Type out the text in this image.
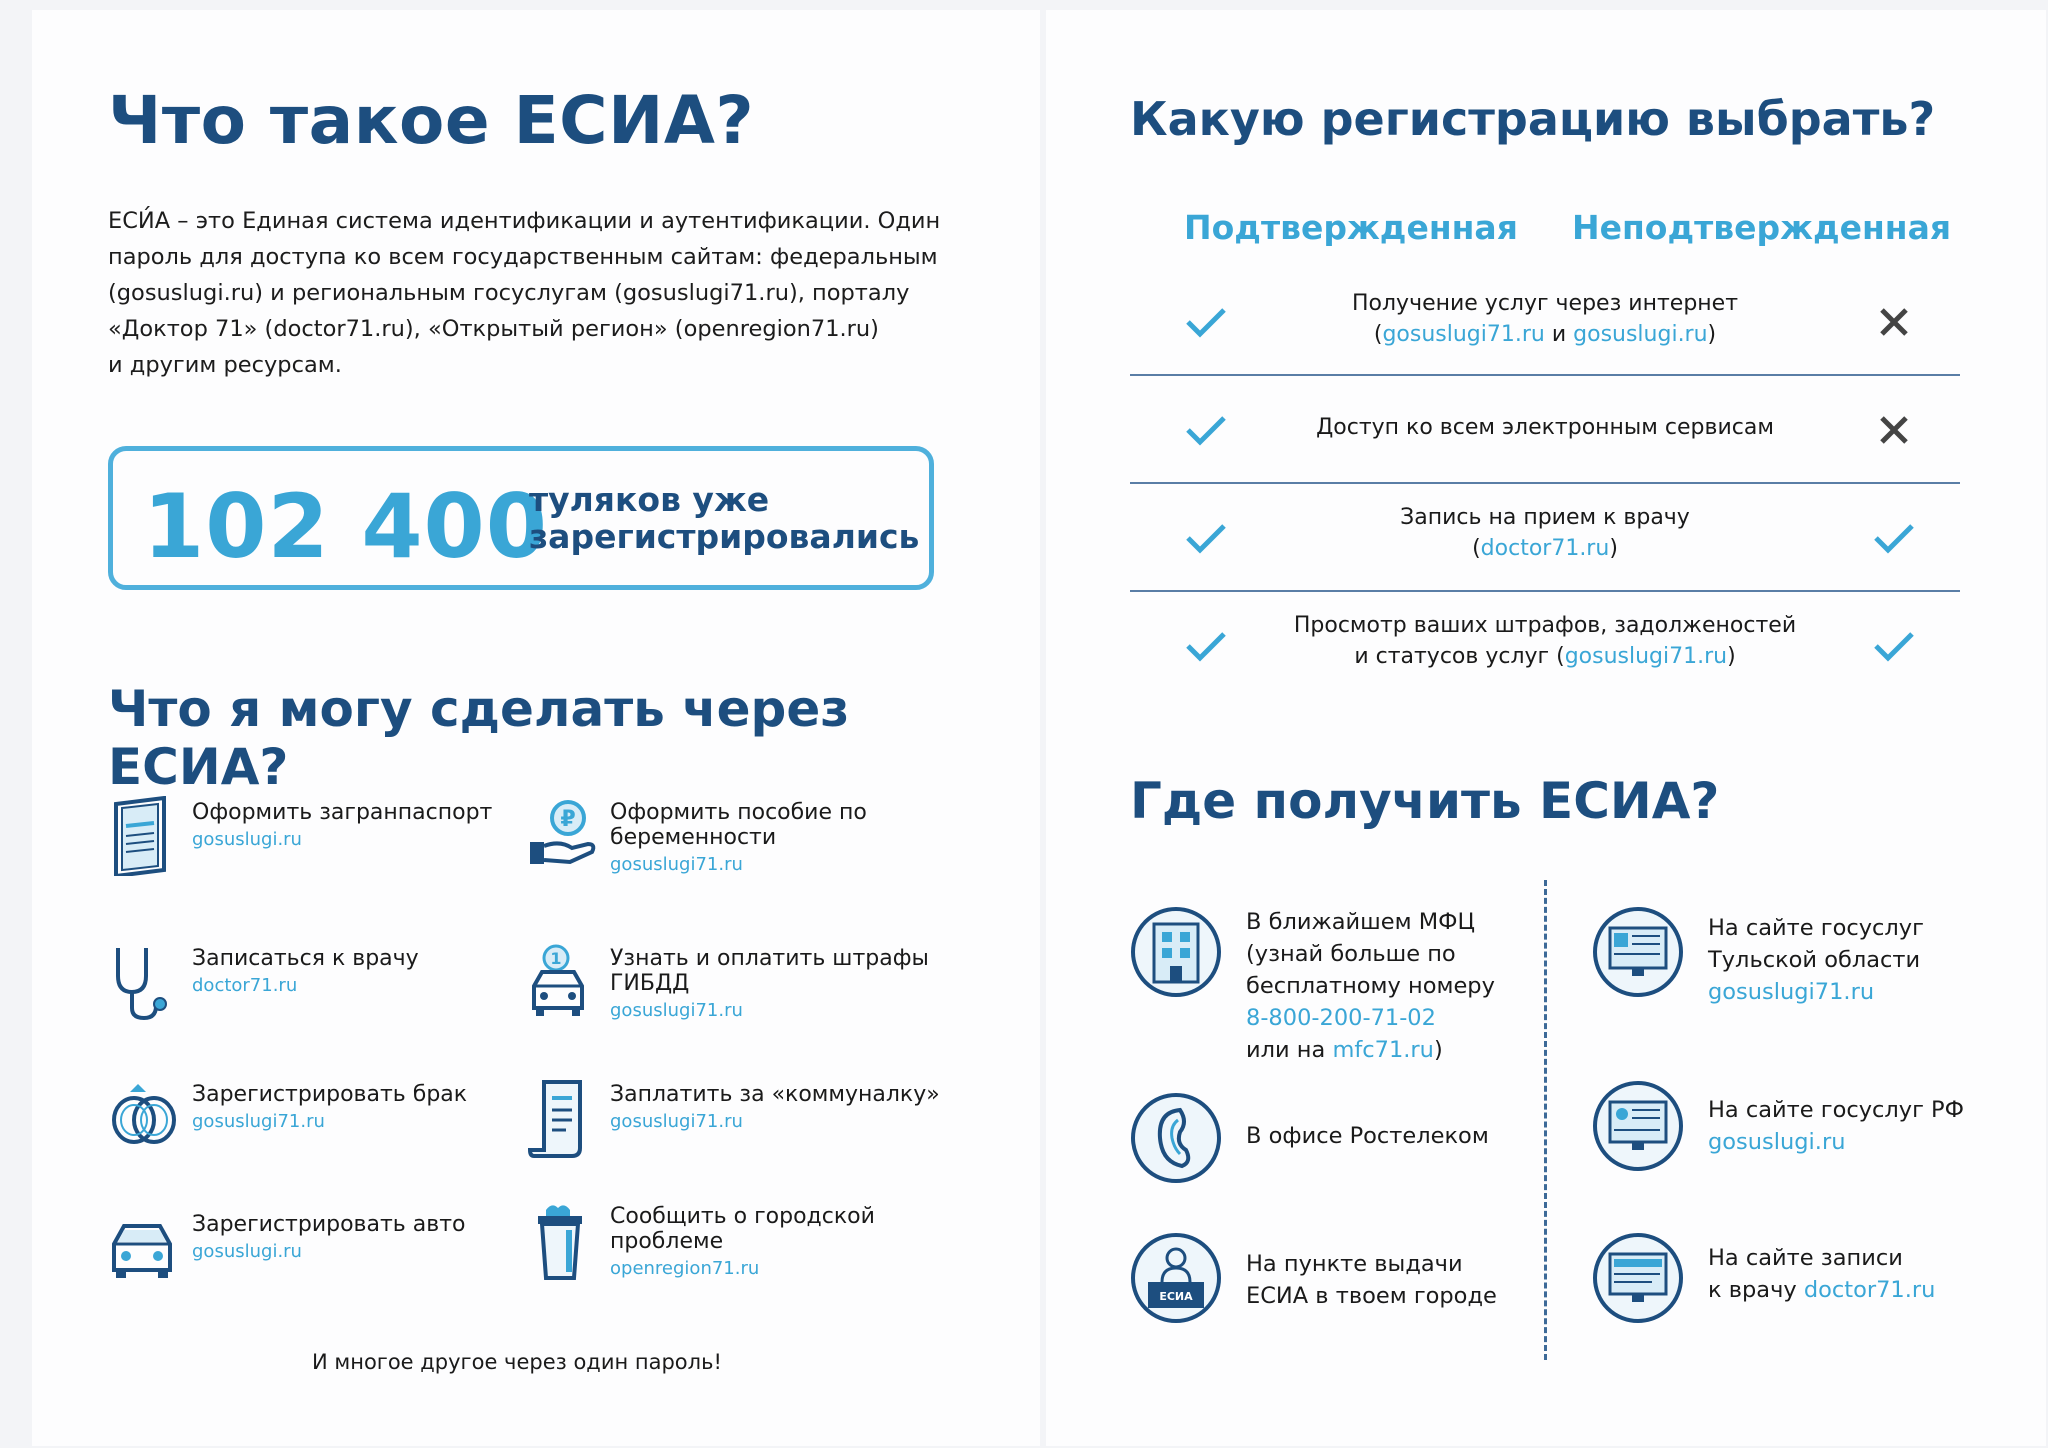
Что такое ЕСИА?

ЕСИ́А – это Единая система идентификации и аутентификации. Один

пароль для доступа ко всем государственным сайтам: федеральным

(gosuslugi.ru) и региональным госуслугам (gosuslugi71.ru), порталу

«Доктор 71» (doctor71.ru), «Открытый регион» (openregion71.ru)

и другим ресурсам.

102 400
туляков уже
зарегистрировались
Что я могу сделать через ЕСИА?
Оформить загранпаспорт
gosuslugi.ru
₽ Оформить пособие по беременности
gosuslugi71.ru
Записаться к врачу
doctor71.ru
1 Узнать и оплатить штрафы ГИБДД
gosuslugi71.ru
Зарегистрировать брак
gosuslugi71.ru
Заплатить за «коммуналку»
gosuslugi71.ru
Зарегистрировать авто
gosuslugi.ru
Сообщить о городской проблеме
openregion71.ru
И многое другое через один пароль!
Какую регистрацию выбрать?
Подтвержденная Неподтвержденная
Получение услуг через интернет
(gosuslugi71.ru и gosuslugi.ru)
Доступ ко всем электронным сервисам
Запись на прием к врачу
(doctor71.ru)
Просмотр ваших штрафов, задолженостей
и статусов услуг (gosuslugi71.ru)
Где получить ЕСИА?
В ближайшем МФЦ
(узнай больше по
бесплатному номеру
8-800-200-71-02
или на mfc71.ru)
В офисе Ростелеком
ЕСИА
На пункте выдачи
ЕСИА в твоем городе
На сайте госуслуг
Тульской области
gosuslugi71.ru
На сайте госуслуг РФ
gosuslugi.ru
На сайте записи
к врачу doctor71.ru
